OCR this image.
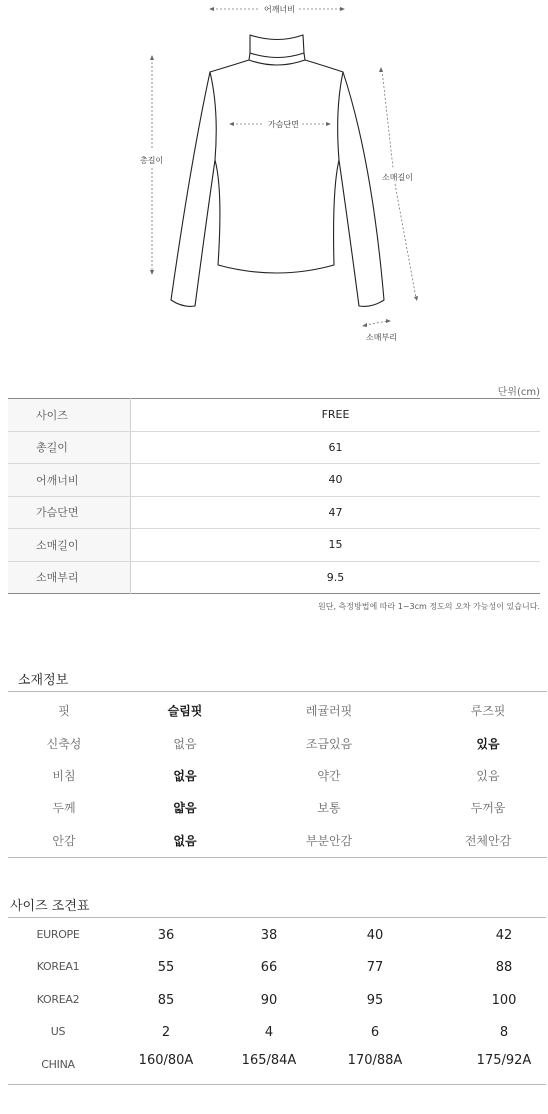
어깨너비
가슴단면
총길이
소매길이
소매부리
단위(cm)
사이즈	FREE
총길이	61
어깨너비	40
가슴단면	47
소매길이	15
소매부리	9.5
원단, 측정방법에 따라 1~3cm 정도의 오차 가능성이 있습니다.
소재정보
핏	슬림핏	레귤러핏	루즈핏
신축성	없음	조금있음	있음
비침	없음	약간	있음
두께	얇음	보통	두꺼움
안감	없음	부분안감	전체안감
사이즈 조견표
EUROPE	36	38	40	42
KOREA1	55	66	77	88
KOREA2	85	90	95	100
US	2	4	6	8
CHINA	160/80A	165/84A	170/88A	175/92A
